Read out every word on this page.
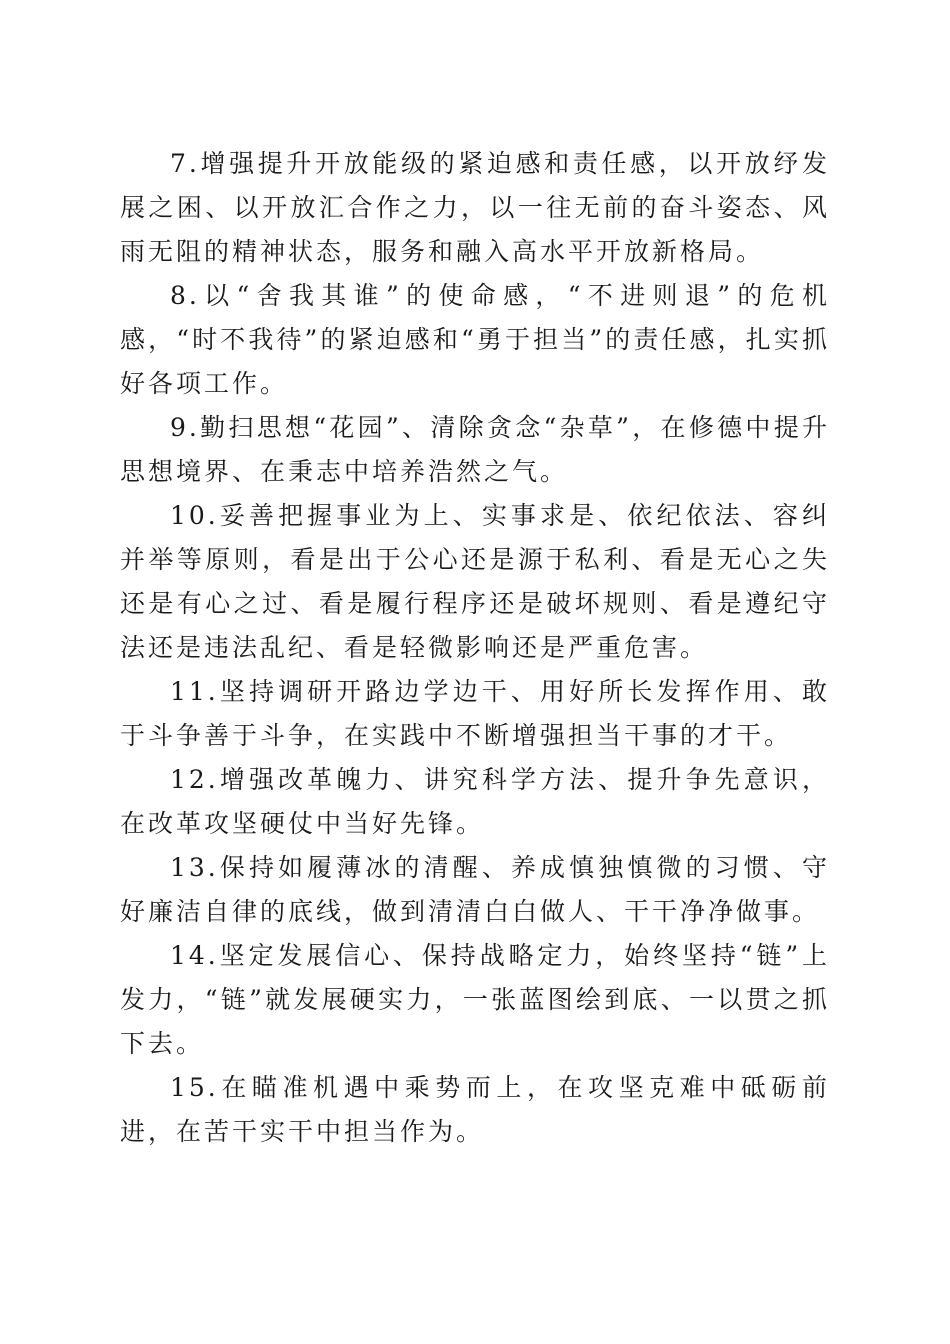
7.增强提升开放能级的紧迫感和责任感，以开放纾发展之困、以开放汇合作之力，以一往无前的奋斗姿态、风雨无阻的精神状态，服务和融入高水平开放新格局。

8.以“舍我其谁”的使命感，“不进则退”的危机感，“时不我待”的紧迫感和“勇于担当”的责任感，扎实抓好各项工作。

9.勤扫思想“花园”、清除贪念“杂草”，在修德中提升思想境界、在秉志中培养浩然之气。

10.妥善把握事业为上、实事求是、依纪依法、容纠并举等原则，看是出于公心还是源于私利、看是无心之失还是有心之过、看是履行程序还是破坏规则、看是遵纪守法还是违法乱纪、看是轻微影响还是严重危害。

11.坚持调研开路边学边干、用好所长发挥作用、敢于斗争善于斗争，在实践中不断增强担当干事的才干。

12.增强改革魄力、讲究科学方法、提升争先意识，在改革攻坚硬仗中当好先锋。

13.保持如履薄冰的清醒、养成慎独慎微的习惯、守好廉洁自律的底线，做到清清白白做人、干干净净做事。

14.坚定发展信心、保持战略定力，始终坚持“链”上发力，“链”就发展硬实力，一张蓝图绘到底、一以贯之抓下去。

15.在瞄准机遇中乘势而上，在攻坚克难中砥砺前进，在苦干实干中担当作为。
